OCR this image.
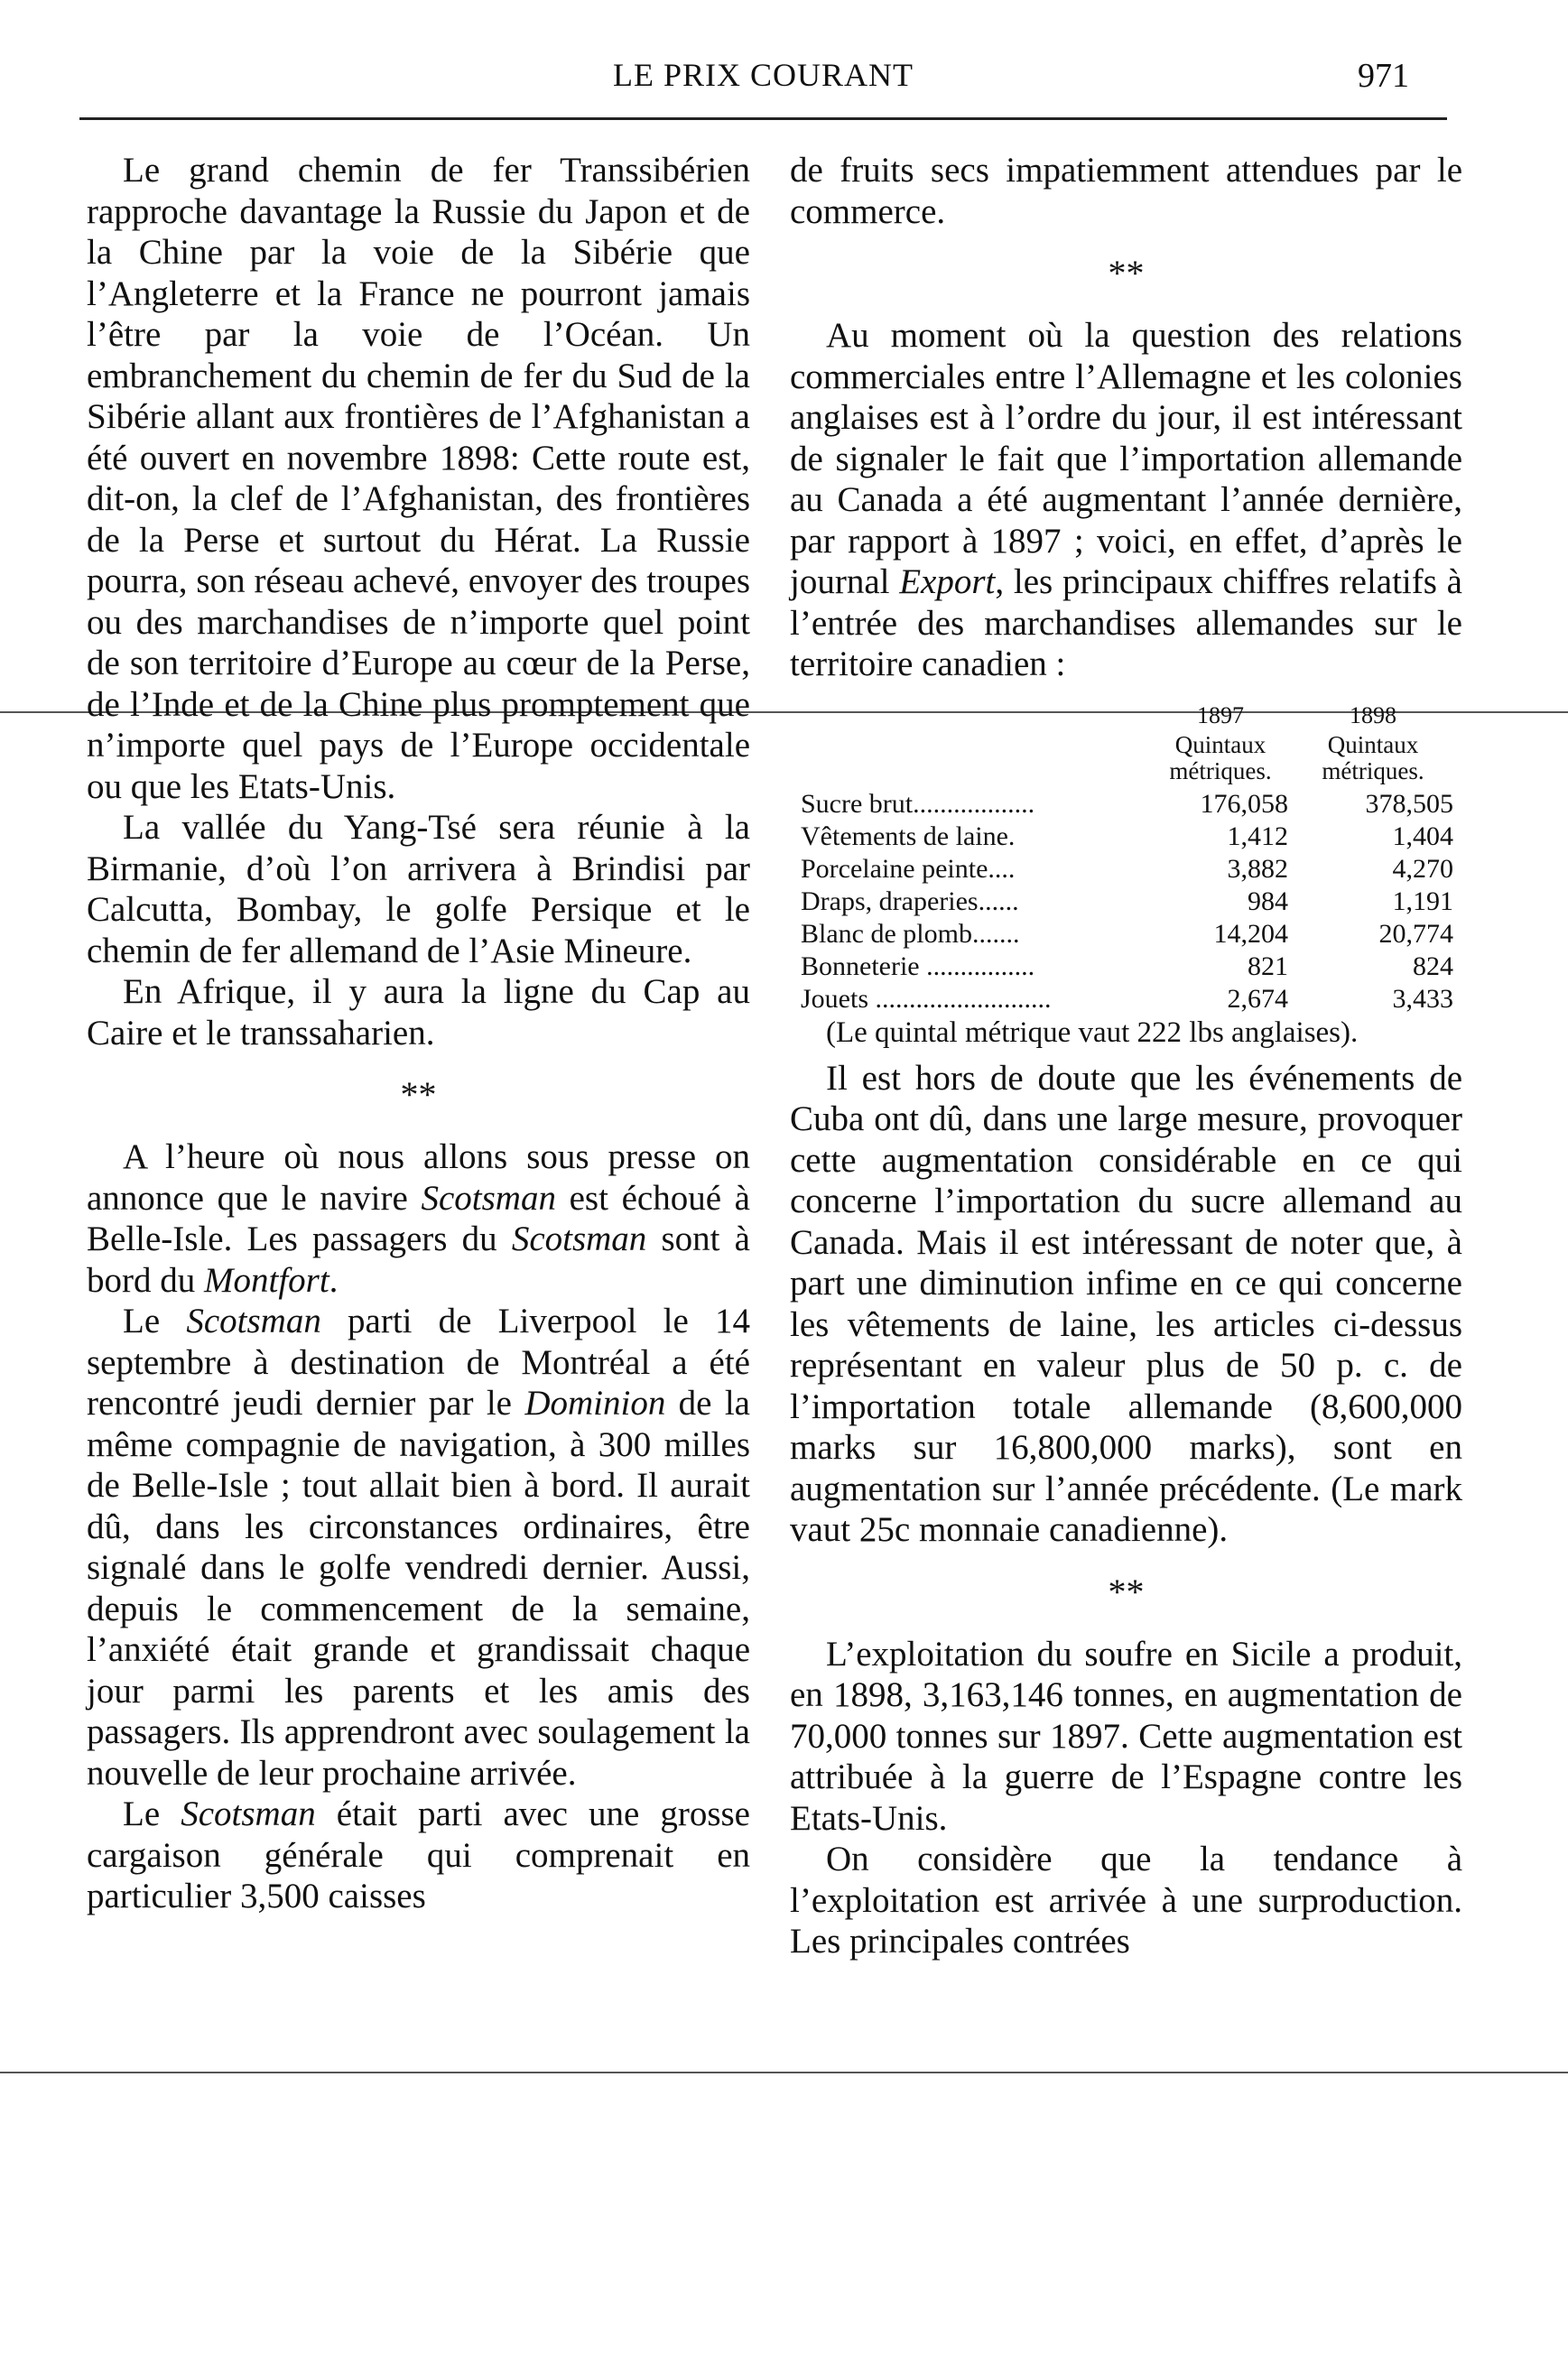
LE PRIX COURANT	971

Le grand chemin de fer Transsibérien rapproche davantage la Russie du Japon et de la Chine par la voie de la Sibérie que l’Angleterre et la France ne pourront jamais l’être par la voie de l’Océan. Un embranchement du chemin de fer du Sud de la Sibérie allant aux frontières de l’Afghanistan a été ouvert en novembre 1898: Cette route est, dit-on, la clef de l’Afghanistan, des frontières de la Perse et surtout du Hérat. La Russie pourra, son réseau achevé, envoyer des troupes ou des marchandises de n’importe quel point de son territoire d’Europe au cœur de la Perse, de l’Inde et de la Chine plus promptement que n’importe quel pays de l’Europe occidentale ou que les Etats-Unis.

La vallée du Yang-Tsé sera réunie à la Birmanie, d’où l’on arrivera à Brindisi par Calcutta, Bombay, le golfe Persique et le chemin de fer allemand de l’Asie Mineure.

En Afrique, il y aura la ligne du Cap au Caire et le transsaharien.

**

A l’heure où nous allons sous presse on annonce que le navire Scotsman est échoué à Belle-Isle. Les passagers du Scotsman sont à bord du Montfort.

Le Scotsman parti de Liverpool le 14 septembre à destination de Montréal a été rencontré jeudi dernier par le Dominion de la même compagnie de navigation, à 300 milles de Belle-Isle ; tout allait bien à bord. Il aurait dû, dans les circonstances ordinaires, être signalé dans le golfe vendredi dernier. Aussi, depuis le commencement de la semaine, l’anxiété était grande et grandissait chaque jour parmi les parents et les amis des passagers. Ils apprendront avec soulagement la nouvelle de leur prochaine arrivée.

Le Scotsman était parti avec une grosse cargaison générale qui comprenait en particulier 3,500 caisses

de fruits secs impatiemment attendues par le commerce.

**

Au moment où la question des relations commerciales entre l’Allemagne et les colonies anglaises est à l’ordre du jour, il est intéressant de signaler le fait que l’importation allemande au Canada a été augmentant l’année dernière, par rapport à 1897 ; voici, en effet, d’après le journal Export, les principaux chiffres relatifs à l’entrée des marchandises allemandes sur le territoire canadien :

1897	1898
Quintaux métriques.
Quintaux métriques.
Sucre brut..................	176,058	378,505
Vêtements de laine.	1,412	1,404
Porcelaine peinte....	3,882	4,270
Draps, draperies......	984	1,191
Blanc de plomb.......	14,204	20,774
Bonneterie ................	821	824
Jouets ..........................	2,674	3,433

(Le quintal métrique vaut 222 lbs anglaises).

Il est hors de doute que les événements de Cuba ont dû, dans une large mesure, provoquer cette augmentation considérable en ce qui concerne l’importation du sucre allemand au Canada. Mais il est intéressant de noter que, à part une diminution infime en ce qui concerne les vêtements de laine, les articles ci-dessus représentant en valeur plus de 50 p. c. de l’importation totale allemande (8,600,000 marks sur 16,800,000 marks), sont en augmentation sur l’année précédente. (Le mark vaut 25c monnaie canadienne).

**

L’exploitation du soufre en Sicile a produit, en 1898, 3,163,146 tonnes, en augmentation de 70,000 tonnes sur 1897. Cette augmentation est attribuée à la guerre de l’Espagne contre les Etats-Unis.

On considère que la tendance à l’exploitation est arrivée à une surproduction. Les principales contrées
